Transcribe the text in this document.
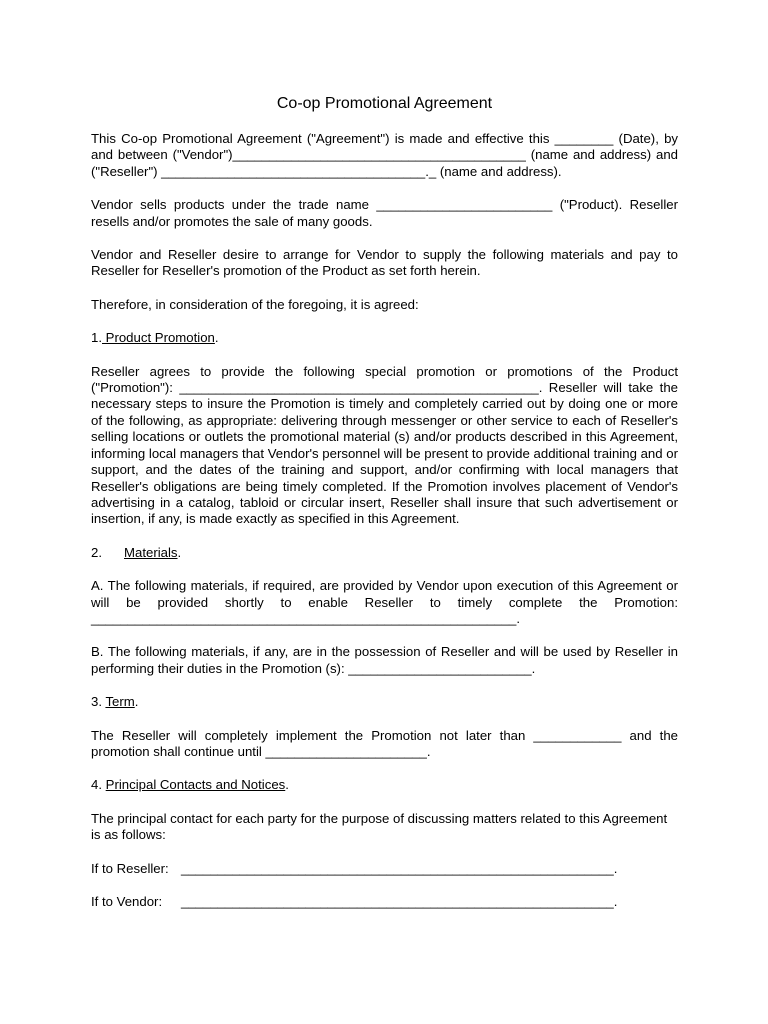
Co-op Promotional Agreement

This Co-op Promotional Agreement ("Agreement") is made and effective this ________ (Date), by and between ("Vendor")________________________________________ (name and address) and ("Reseller") ____________________________________._ (name and address).

Vendor sells products under the trade name ________________________ ("Product). Reseller resells and/or promotes the sale of many goods.

Vendor and Reseller desire to arrange for Vendor to supply the following materials and pay to Reseller for Reseller's promotion of the Product as set forth herein.

Therefore, in consideration of the foregoing, it is agreed:

1. Product Promotion.

Reseller agrees to provide the following special promotion or promotions of the Product ("Promotion"): _________________________________________________. Reseller will take the necessary steps to insure the Promotion is timely and completely carried out by doing one or more of the following, as appropriate: delivering through messenger or other service to each of Reseller's selling locations or outlets the promotional material (s) and/or products described in this Agreement, informing local managers that Vendor's personnel will be present to provide additional training and or support, and the dates of the training and support, and/or confirming with local managers that Reseller's obligations are being timely completed. If the Promotion involves placement of Vendor's advertising in a catalog, tabloid or circular insert, Reseller shall insure that such advertisement or insertion, if any, is made exactly as specified in this Agreement.

2. Materials.

A. The following materials, if required, are provided by Vendor upon execution of this Agreement or will be provided shortly to enable Reseller to timely complete the Promotion: __________________________________________________________.

B. The following materials, if any, are in the possession of Reseller and will be used by Reseller in performing their duties in the Promotion (s): _________________________.

3. Term.

The Reseller will completely implement the Promotion not later than ____________ and the promotion shall continue until ______________________.

4. Principal Contacts and Notices.

The principal contact for each party for the purpose of discussing matters related to this Agreement is as follows:

If to Reseller: ___________________________________________________________.
If to Vendor: ___________________________________________________________.
